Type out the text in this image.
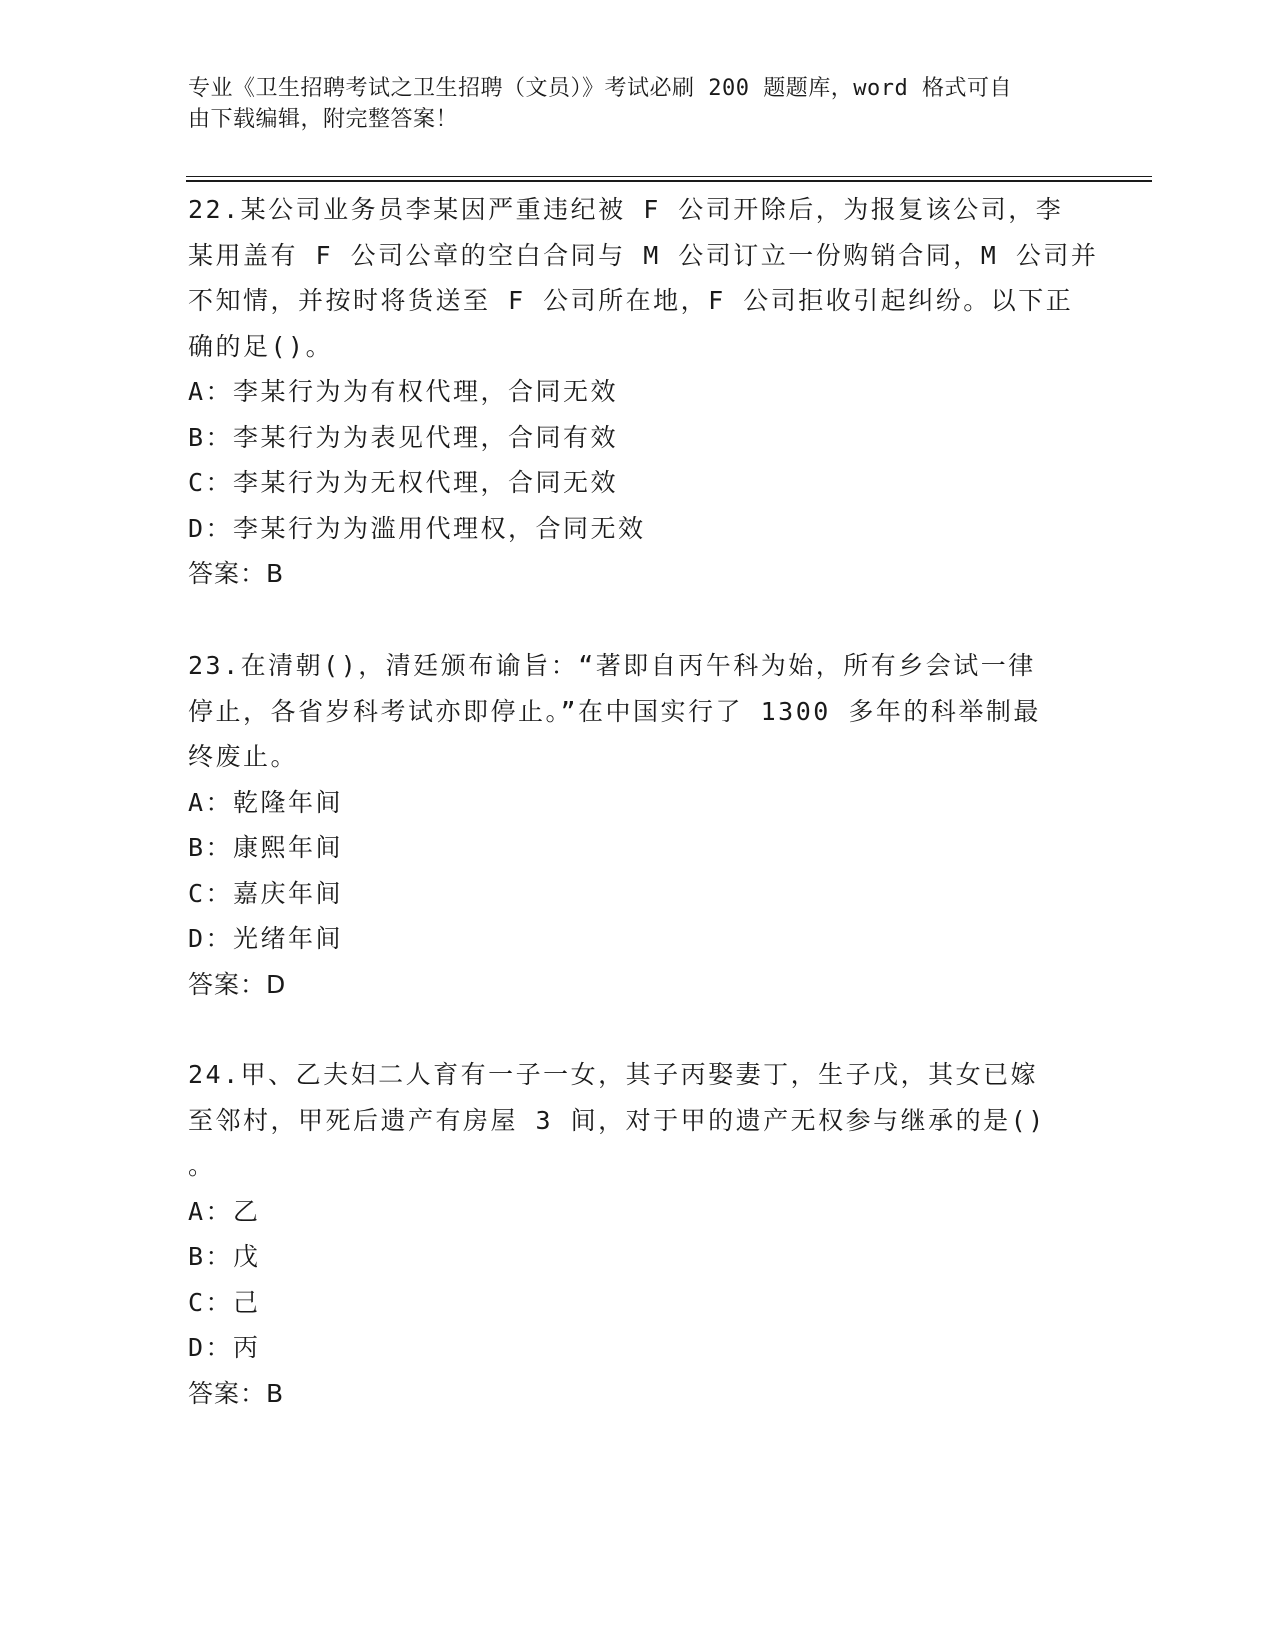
专业《卫生招聘考试之卫生招聘（文员）》考试必刷 200 题题库，word 格式可自
由下载编辑，附完整答案！
22.某公司业务员李某因严重违纪被 F 公司开除后，为报复该公司，李
某用盖有 F 公司公章的空白合同与 M 公司订立一份购销合同，M 公司并
不知情，并按时将货送至 F 公司所在地，F 公司拒收引起纠纷。以下正
确的足()。
A：李某行为为有权代理，合同无效
B：李某行为为表见代理，合同有效
C：李某行为为无权代理，合同无效
D：李某行为为滥用代理权，合同无效
答案：B
23.在清朝()，清廷颁布谕旨：“著即自丙午科为始，所有乡会试一律
停止，各省岁科考试亦即停止。”在中国实行了 1300 多年的科举制最
终废止。
A：乾隆年间
B：康熙年间
C：嘉庆年间
D：光绪年间
答案：D
24.甲、乙夫妇二人育有一子一女，其子丙娶妻丁，生子戊，其女已嫁
至邻村，甲死后遗产有房屋 3 间，对于甲的遗产无权参与继承的是()
。
A：乙
B：戊
C：己
D：丙
答案：B
